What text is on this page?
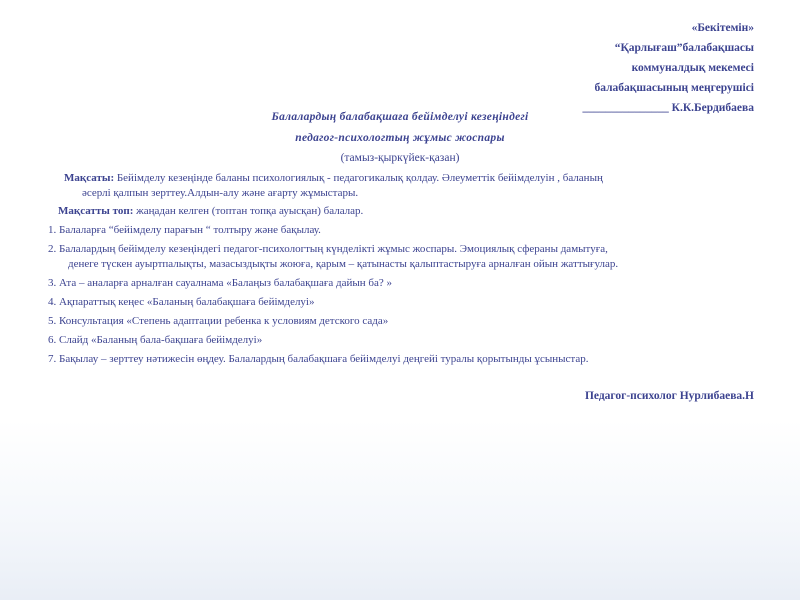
«Бекітемін»
“Қарлығаш”балабақшасы
коммуналдық мекемесі
балабақшасының меңгерушісі
_______________ К.К.Бердибаева
Балалардың балабақшаға бейімделуі кезеңіндегі
педагог-психологтың жұмыс жоспары
(тамыз-қыркүйек-қазан)
Мақсаты: Бейімделу кезеңінде баланы психологиялық - педагогикалық қолдау. Әлеуметтік бейімделуін , баланың
әсерлі қалпын зерттеу.Алдын-алу және ағарту жұмыстары.
Мақсатты топ: жаңадан келген (топтан топқа ауысқан) балалар.
1. Балаларға “бейімделу парағын “ толтыру және бақылау.
2. Балалардың бейімделу кезеңіндегі педагог-психологтың күнделікті жұмыс жоспары. Эмоциялық сфераны дамытуға,
денеге түскен ауыртпалықты, мазасыздықты жоюға, қарым – қатынасты қалыптастыруға арналған ойын жаттығулар.
3. Ата – аналарға арналған сауалнама «Балаңыз балабақшаға дайын ба? »
4. Ақпараттық кеңес «Баланың балабақшаға бейімделуі»
5. Консультация «Степень адаптации ребенка к условиям детского сада»
6. Слайд «Баланың бала-бақшаға бейімделуі»
7. Бақылау – зерттеу нәтижесін өңдеу. Балалардың балабақшаға бейімделуі деңгейі туралы қорытынды ұсыныстар.
Педагог-психолог Нурлибаева.Н
